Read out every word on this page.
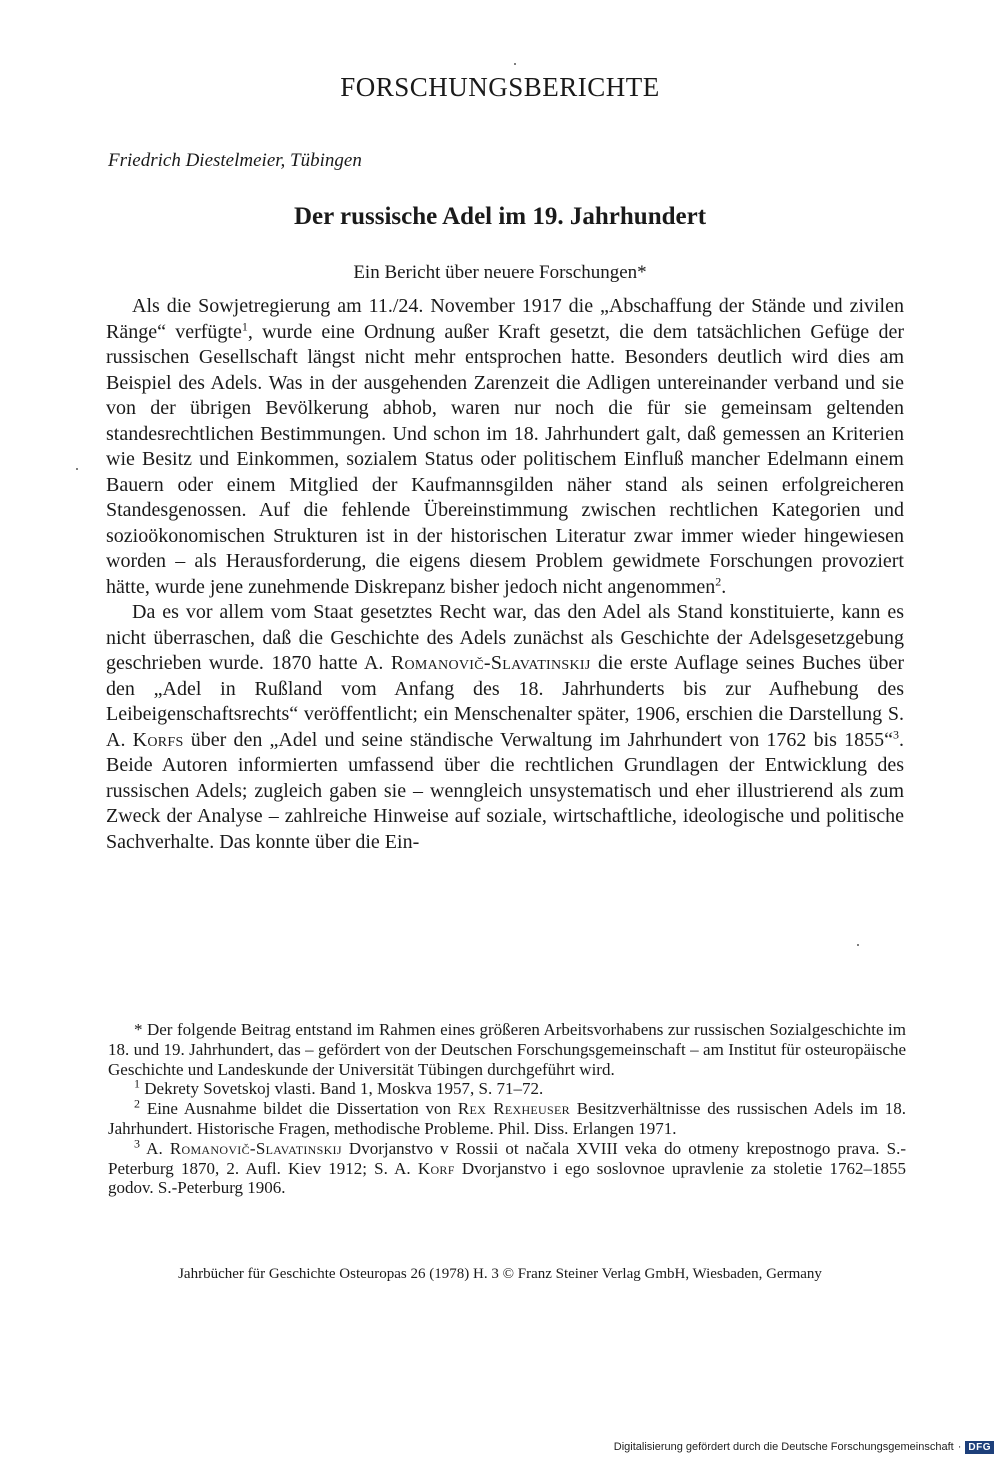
FORSCHUNGSBERICHTE

Friedrich Diestelmeier, Tübingen

Der russische Adel im 19. Jahrhundert

Ein Bericht über neuere Forschungen*

Als die Sowjetregierung am 11./24. November 1917 die „Abschaffung der Stände und zivilen Ränge“ verfügte$^1$, wurde eine Ordnung außer Kraft gesetzt, die dem tatsächlichen Gefüge der russischen Gesellschaft längst nicht mehr entsprochen hatte. Besonders deutlich wird dies am Beispiel des Adels. Was in der ausgehenden Zarenzeit die Adligen untereinander verband und sie von der übrigen Bevölkerung abhob, waren nur noch die für sie gemeinsam geltenden standesrechtlichen Bestimmungen. Und schon im 18. Jahrhundert galt, daß gemessen an Kriterien wie Besitz und Einkommen, sozialem Status oder politischem Einfluß mancher Edelmann einem Bauern oder einem Mitglied der Kaufmannsgilden näher stand als seinen erfolgreicheren Standesgenossen. Auf die fehlende Übereinstimmung zwischen rechtlichen Kategorien und sozioökonomischen Strukturen ist in der historischen Literatur zwar immer wieder hingewiesen worden – als Herausforderung, die eigens diesem Problem gewidmete Forschungen provoziert hätte, wurde jene zunehmende Diskrepanz bisher jedoch nicht angenommen$^2$.

Da es vor allem vom Staat gesetztes Recht war, das den Adel als Stand konstituierte, kann es nicht überraschen, daß die Geschichte des Adels zunächst als Geschichte der Adelsgesetzgebung geschrieben wurde. 1870 hatte A. Romanovič-Slavatinskij die erste Auflage seines Buches über den „Adel in Rußland vom Anfang des 18. Jahrhunderts bis zur Aufhebung des Leibeigenschaftsrechts“ veröffentlicht; ein Menschenalter später, 1906, erschien die Darstellung S. A. Korfs über den „Adel und seine ständische Verwaltung im Jahrhundert von 1762 bis 1855“$^3$. Beide Autoren informierten umfassend über die rechtlichen Grundlagen der Entwicklung des russischen Adels; zugleich gaben sie – wenngleich unsystematisch und eher illustrierend als zum Zweck der Analyse – zahlreiche Hinweise auf soziale, wirtschaftliche, ideologische und politische Sachverhalte. Das konnte über die Ein-

* Der folgende Beitrag entstand im Rahmen eines größeren Arbeitsvorhabens zur russischen Sozialgeschichte im 18. und 19. Jahrhundert, das – gefördert von der Deutschen Forschungsgemeinschaft – am Institut für osteuropäische Geschichte und Landeskunde der Universität Tübingen durchgeführt wird.

$^1$ Dekrety Sovetskoj vlasti. Band 1, Moskva 1957, S. 71–72.

$^2$ Eine Ausnahme bildet die Dissertation von Rex Rexheuser Besitzverhältnisse des russischen Adels im 18. Jahrhundert. Historische Fragen, methodische Probleme. Phil. Diss. Erlangen 1971.

$^3$ A. Romanovič-Slavatinskij Dvorjanstvo v Rossii ot načala XVIII veka do otmeny krepostnogo prava. S.-Peterburg 1870, 2. Aufl. Kiev 1912; S. A. Korf Dvorjanstvo i ego soslovnoe upravlenie za stoletie 1762–1855 godov. S.-Peterburg 1906.

Jahrbücher für Geschichte Osteuropas 26 (1978) H. 3 © Franz Steiner Verlag GmbH, Wiesbaden, Germany

Digitalisierung gefördert durch die Deutsche Forschungsgemeinschaft · DFG
